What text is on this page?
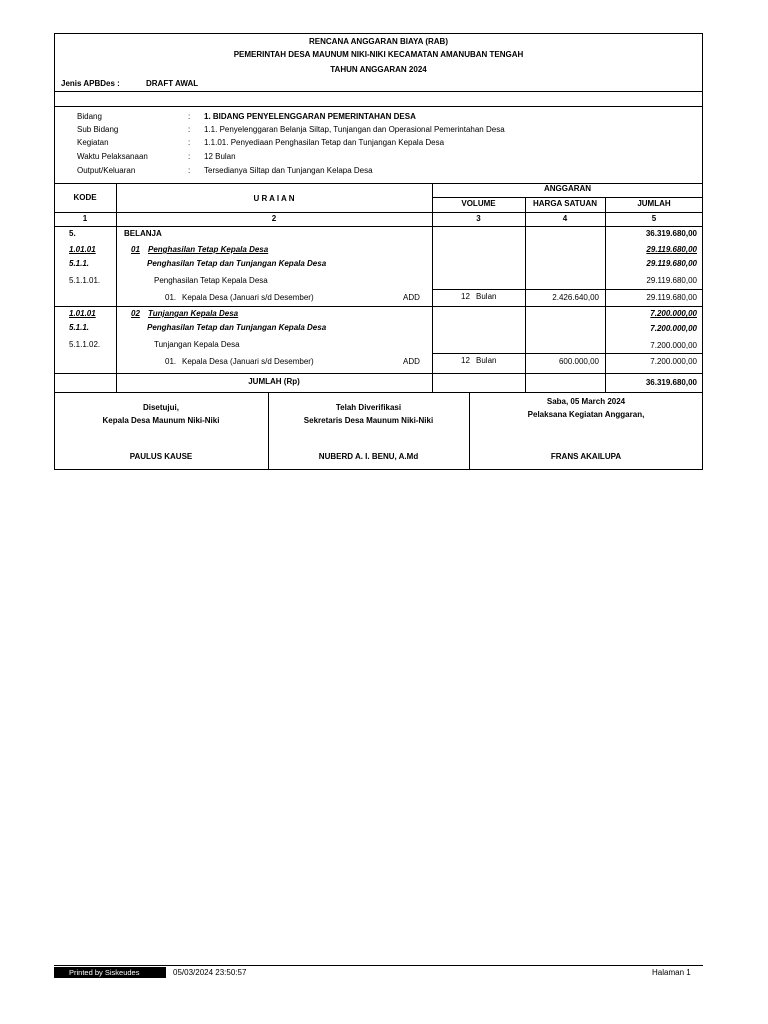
RENCANA ANGGARAN BIAYA (RAB)
PEMERINTAH DESA MAUNUM NIKI-NIKI KECAMATAN AMANUBAN TENGAH
TAHUN ANGGARAN 2024
Jenis APBDes :	DRAFT AWAL
Bidang	: 1. BIDANG PENYELENGGARAN PEMERINTAHAN DESA
Sub Bidang	: 1.1. Penyelenggaran Belanja Siltap, Tunjangan dan Operasional Pemerintahan Desa
Kegiatan	: 1.1.01. Penyediaan Penghasilan Tetap dan Tunjangan Kepala Desa
Waktu Pelaksanaan	: 12 Bulan
Output/Keluaran	: Tersedianya Siltap dan Tunjangan Kelapa Desa
KODE	U R A I A N
ANGGARAN
VOLUME	HARGA SATUAN	JUMLAH
1	2	3	4	5
5.	BELANJA	36.319.680,00
1.01.01	01 Penghasilan Tetap Kepala Desa	29.119.680,00
5.1.1.	Penghasilan Tetap dan Tunjangan Kepala Desa	29.119.680,00
5.1.1.01.	Penghasilan Tetap Kepala Desa	29.119.680,00
01. Kepala Desa (Januari s/d Desember)	ADD	12 Bulan	2.426.640,00	29.119.680,00
1.01.01	02 Tunjangan Kepala Desa	7.200.000,00
5.1.1.	Penghasilan Tetap dan Tunjangan Kepala Desa	7.200.000,00
5.1.1.02.	Tunjangan Kepala Desa	7.200.000,00
01. Kepala Desa (Januari s/d Desember)	ADD	12 Bulan	600.000,00	7.200.000,00
JUMLAH (Rp)	36.319.680,00
Disetujui,
Kepala Desa Maunum Niki-Niki
PAULUS KAUSE
Telah Diverifikasi
Sekretaris Desa Maunum Niki-Niki
NUBERD A. I. BENU, A.Md
Saba, 05 March 2024
Pelaksana Kegiatan Anggaran,
FRANS AKAILUPA
Printed by Siskeudes	05/03/2024 23:50:57	Halaman 1
